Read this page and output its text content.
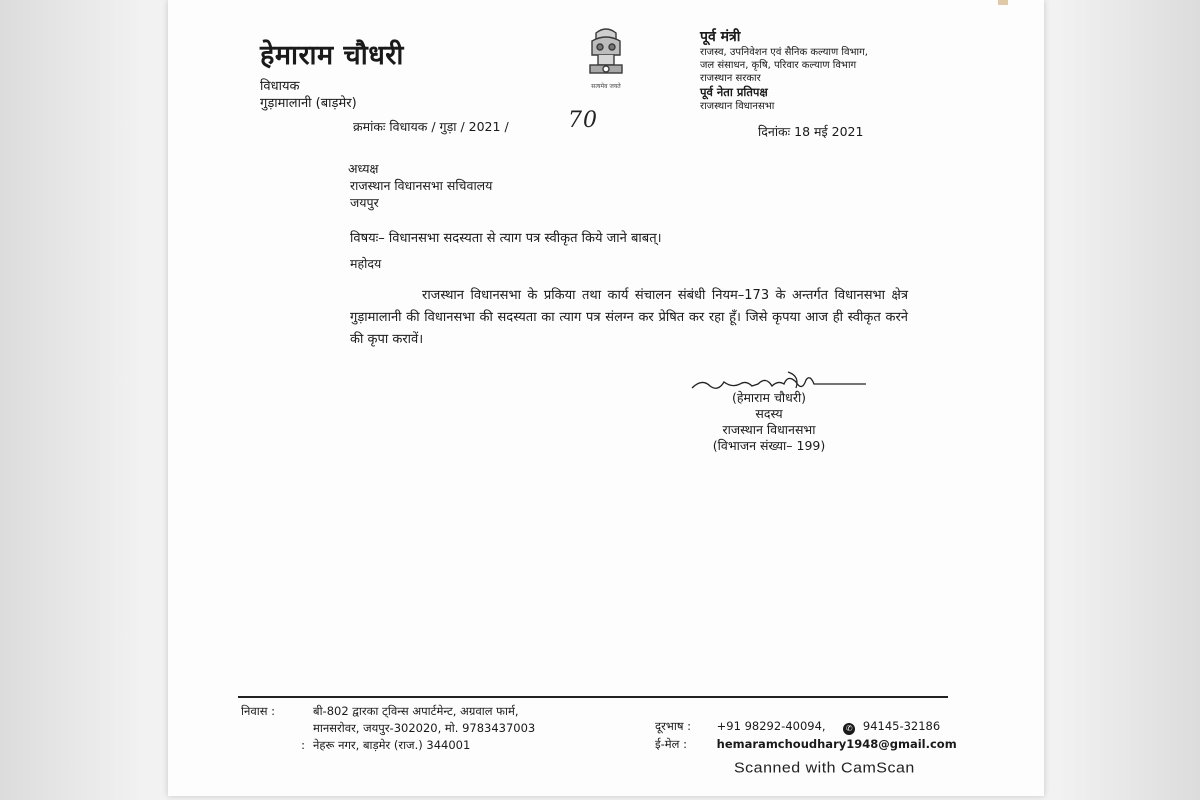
हेमाराम चौधरी
विधायक
गुड़ामालानी (बाड़मेर)
सत्यमेव जयते
पूर्व मंत्री
राजस्व, उपनिवेशन एवं सैनिक कल्याण विभाग,
जल संसाधन, कृषि, परिवार कल्याण विभाग
राजस्थान सरकार
पूर्व नेता प्रतिपक्ष
राजस्थान विधानसभा
क्रमांकः विधायक / गुड़ा / 2021 /	70	दिनांकः 18 मई 2021
अध्यक्ष
राजस्थान विधानसभा सचिवालय
जयपुर
विषयः– विधानसभा सदस्यता से त्याग पत्र स्वीकृत किये जाने बाबत्।
महोदय
राजस्थान विधानसभा के प्रकिया तथा कार्य संचालन संबंधी नियम–173 के अन्तर्गत विधानसभा क्षेत्र गुड़ामालानी की विधानसभा की सदस्यता का त्याग पत्र संलग्न कर प्रेषित कर रहा हूँ। जिसे कृपया आज ही स्वीकृत करने की कृपा करावें।
(हेमाराम चौधरी)
सदस्य
राजस्थान विधानसभा
(विभाजन संख्या– 199)
निवास :	बी-802 द्वारका ट्विन्स अपार्टमेन्ट, अग्रवाल फार्म,
मानसरोवर, जयपुर-302020, मो. 9783437003
: नेहरू नगर, बाड़मेर (राज.) 344001
दूरभाष : +91 98292-40094,	✆ 94145-32186
ई-मेल :	hemaramchoudhary1948@gmail.com
Scanned with CamScan
